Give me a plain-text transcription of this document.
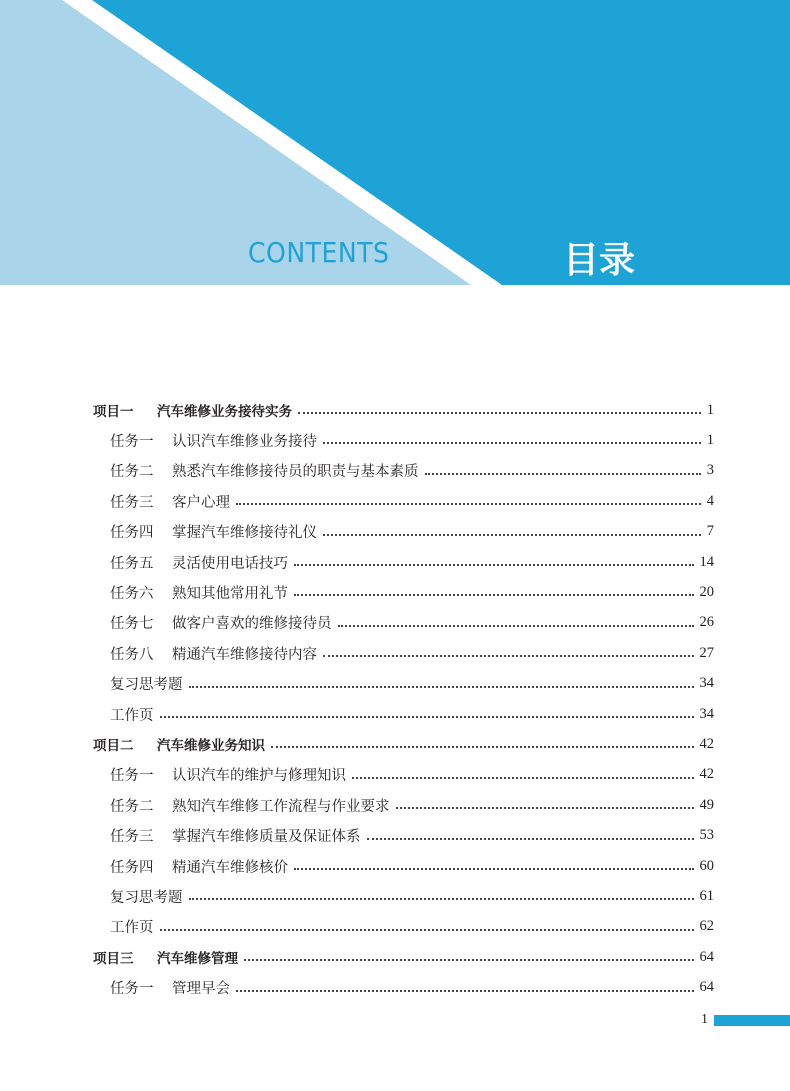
CONTENTS	目录
项目一 汽车维修业务接待实务	1
任务一 认识汽车维修业务接待	1
任务二 熟悉汽车维修接待员的职责与基本素质	3
任务三 客户心理	4
任务四 掌握汽车维修接待礼仪	7
任务五 灵活使用电话技巧	14
任务六 熟知其他常用礼节	20
任务七 做客户喜欢的维修接待员	26
任务八 精通汽车维修接待内容	27
复习思考题	34
工作页	34
项目二 汽车维修业务知识	42
任务一 认识汽车的维护与修理知识	42
任务二 熟知汽车维修工作流程与作业要求	49
任务三 掌握汽车维修质量及保证体系	53
任务四 精通汽车维修核价	60
复习思考题	61
工作页	62
项目三 汽车维修管理	64
任务一 管理早会	64
1
